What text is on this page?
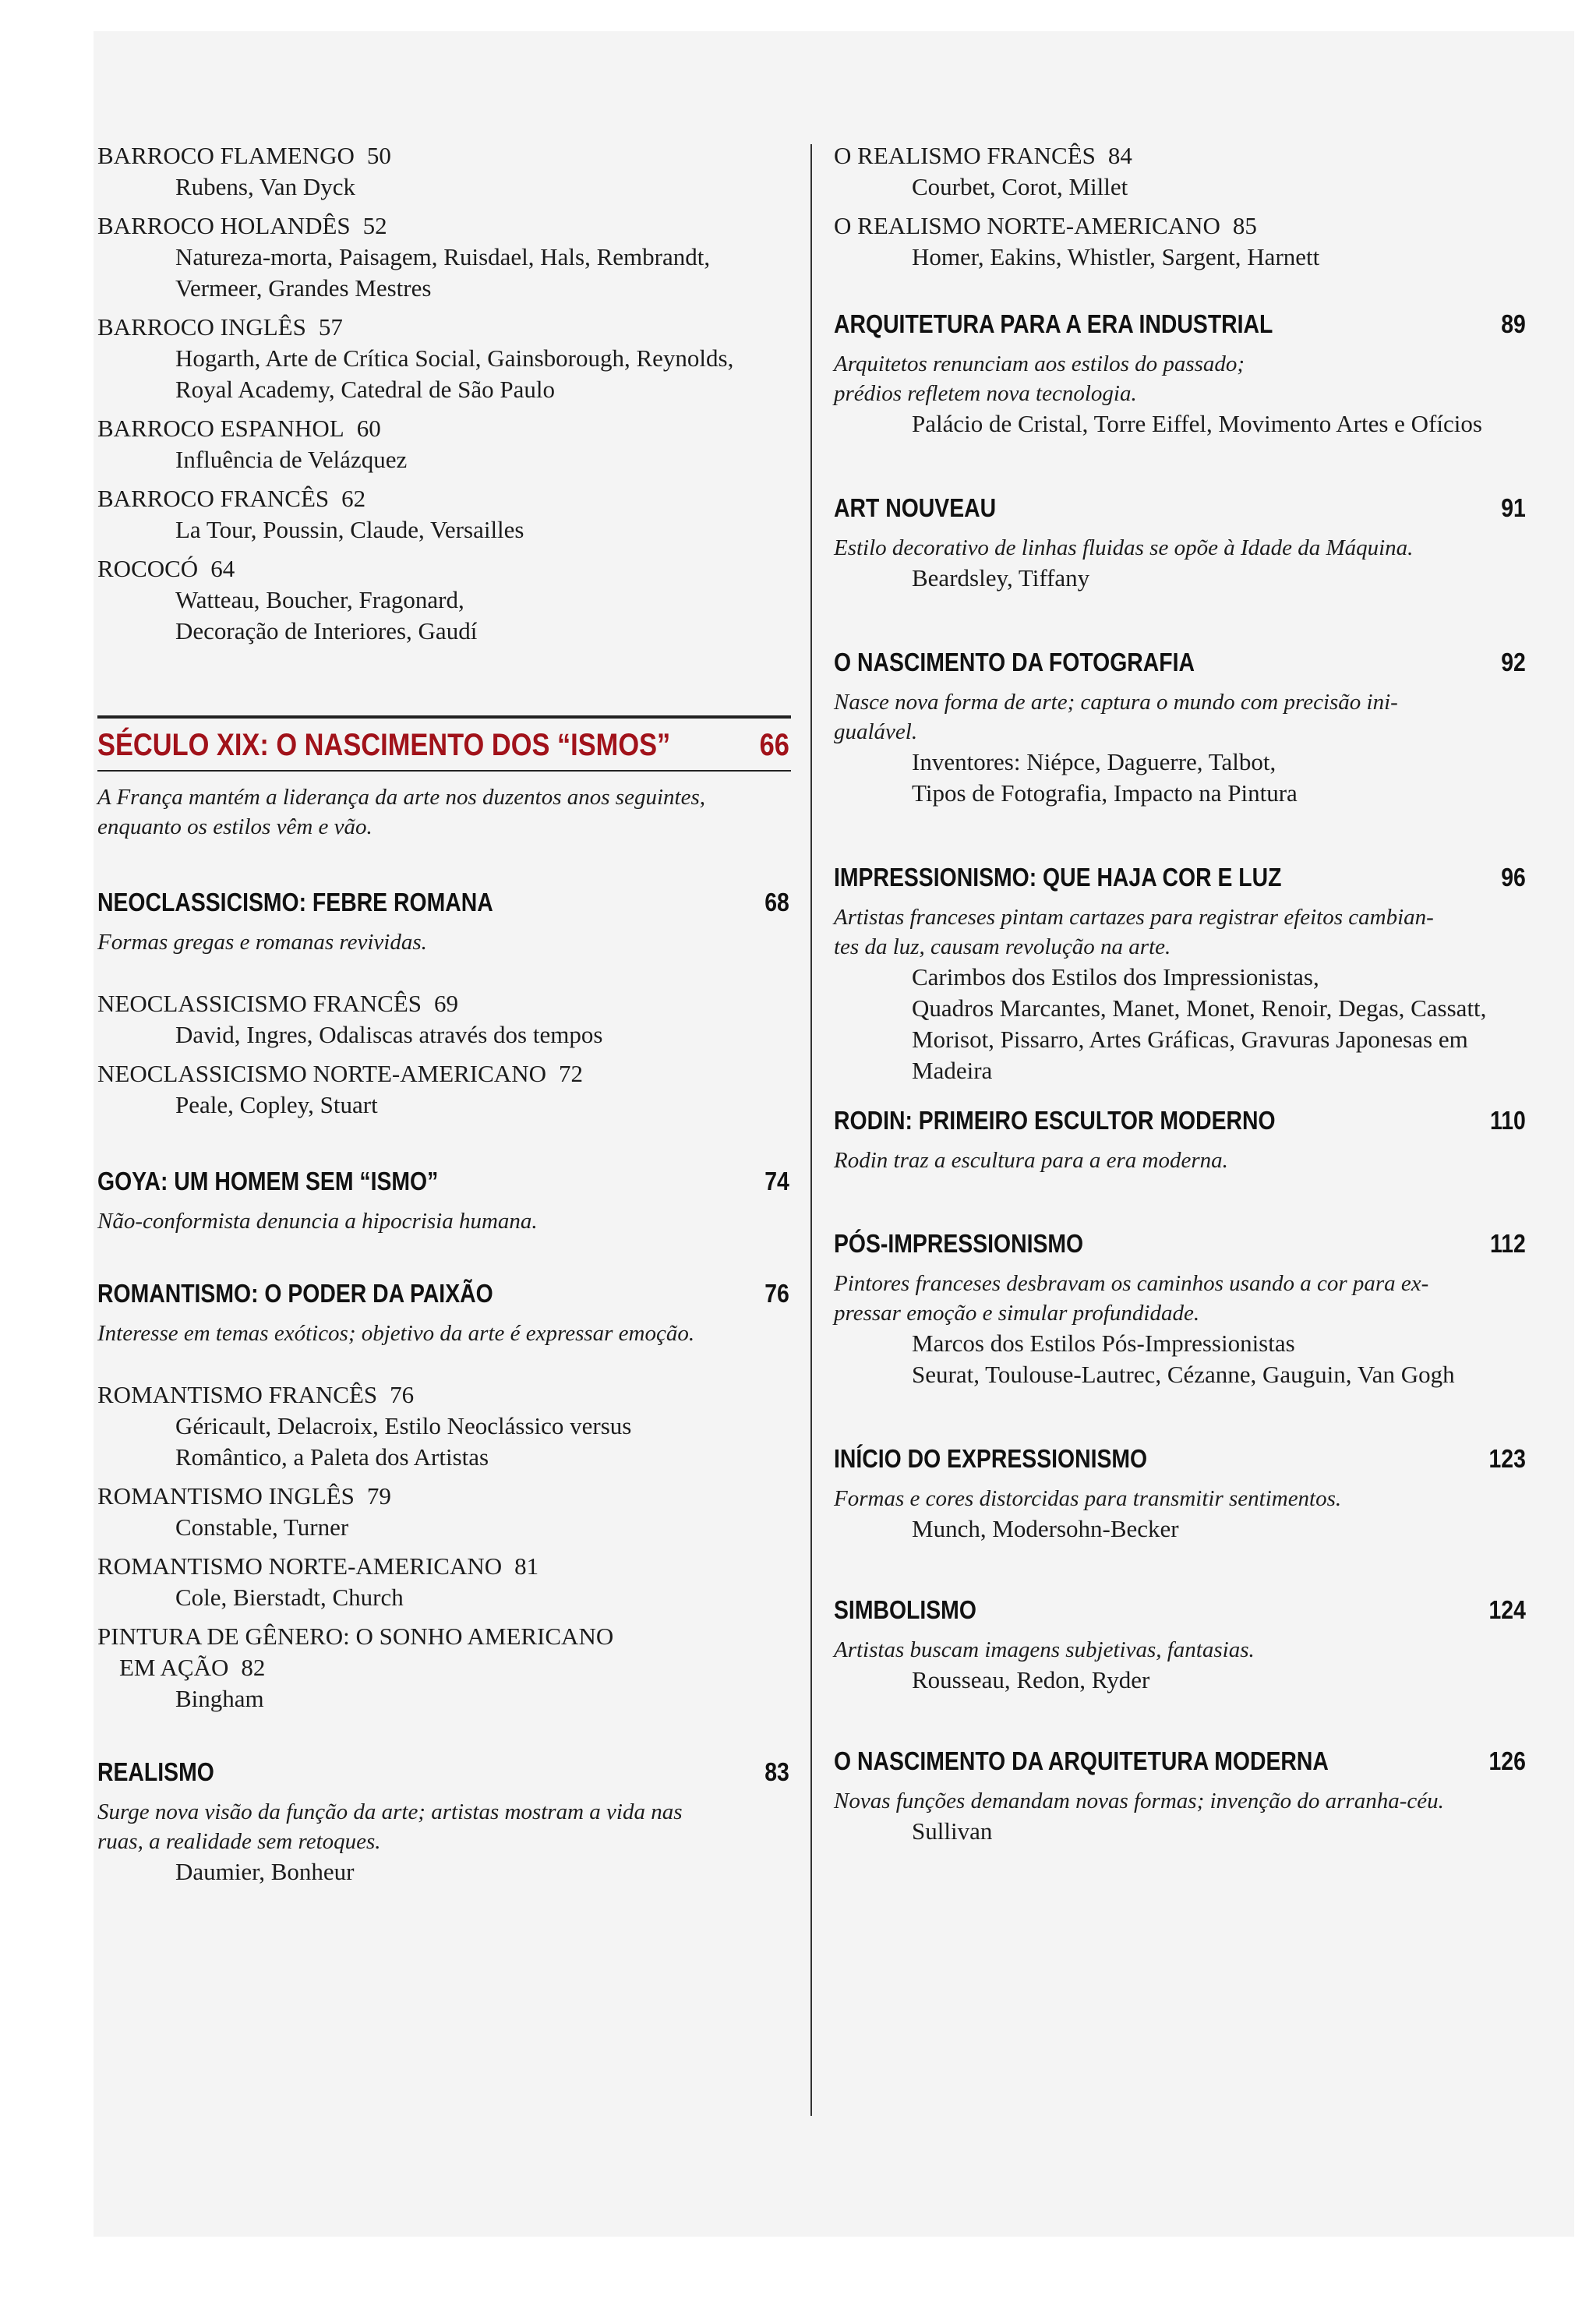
BARROCO FLAMENGO 50
Rubens, Van Dyck
BARROCO HOLANDÊS 52
Natureza-morta, Paisagem, Ruisdael, Hals, Rembrandt,
Vermeer, Grandes Mestres
BARROCO INGLÊS 57
Hogarth, Arte de Crítica Social, Gainsborough, Reynolds,
Royal Academy, Catedral de São Paulo
BARROCO ESPANHOL 60
Influência de Velázquez
BARROCO FRANCÊS 62
La Tour, Poussin, Claude, Versailles
ROCOCÓ 64
Watteau, Boucher, Fragonard,
Decoração de Interiores, Gaudí
SÉCULO XIX: O NASCIMENTO DOS “ISMOS”	66
A França mantém a liderança da arte nos duzentos anos seguintes,
enquanto os estilos vêm e vão.
NEOCLASSICISMO: FEBRE ROMANA	68
Formas gregas e romanas revividas.
NEOCLASSICISMO FRANCÊS 69
David, Ingres, Odaliscas através dos tempos
NEOCLASSICISMO NORTE-AMERICANO 72
Peale, Copley, Stuart
GOYA: UM HOMEM SEM “ISMO”	74
Não-conformista denuncia a hipocrisia humana.
ROMANTISMO: O PODER DA PAIXÃO	76
Interesse em temas exóticos; objetivo da arte é expressar emoção.
ROMANTISMO FRANCÊS 76
Géricault, Delacroix, Estilo Neoclássico versus
Romântico, a Paleta dos Artistas
ROMANTISMO INGLÊS 79
Constable, Turner
ROMANTISMO NORTE-AMERICANO 81
Cole, Bierstadt, Church
PINTURA DE GÊNERO: O SONHO AMERICANO
EM AÇÃO 82
Bingham
REALISMO	83
Surge nova visão da função da arte; artistas mostram a vida nas
ruas, a realidade sem retoques.
Daumier, Bonheur
O REALISMO FRANCÊS 84
Courbet, Corot, Millet
O REALISMO NORTE-AMERICANO 85
Homer, Eakins, Whistler, Sargent, Harnett
ARQUITETURA PARA A ERA INDUSTRIAL	89
Arquitetos renunciam aos estilos do passado;
prédios refletem nova tecnologia.
Palácio de Cristal, Torre Eiffel, Movimento Artes e Ofícios
ART NOUVEAU	91
Estilo decorativo de linhas fluidas se opõe à Idade da Máquina.
Beardsley, Tiffany
O NASCIMENTO DA FOTOGRAFIA	92
Nasce nova forma de arte; captura o mundo com precisão ini-
gualável.
Inventores: Niépce, Daguerre, Talbot,
Tipos de Fotografia, Impacto na Pintura
IMPRESSIONISMO: QUE HAJA COR E LUZ	96
Artistas franceses pintam cartazes para registrar efeitos cambian-
tes da luz, causam revolução na arte.
Carimbos dos Estilos dos Impressionistas,
Quadros Marcantes, Manet, Monet, Renoir, Degas, Cassatt,
Morisot, Pissarro, Artes Gráficas, Gravuras Japonesas em
Madeira
RODIN: PRIMEIRO ESCULTOR MODERNO	110
Rodin traz a escultura para a era moderna.
PÓS-IMPRESSIONISMO	112
Pintores franceses desbravam os caminhos usando a cor para ex-
pressar emoção e simular profundidade.
Marcos dos Estilos Pós-Impressionistas
Seurat, Toulouse-Lautrec, Cézanne, Gauguin, Van Gogh
INÍCIO DO EXPRESSIONISMO	123
Formas e cores distorcidas para transmitir sentimentos.
Munch, Modersohn-Becker
SIMBOLISMO	124
Artistas buscam imagens subjetivas, fantasias.
Rousseau, Redon, Ryder
O NASCIMENTO DA ARQUITETURA MODERNA	126
Novas funções demandam novas formas; invenção do arranha-céu.
Sullivan
